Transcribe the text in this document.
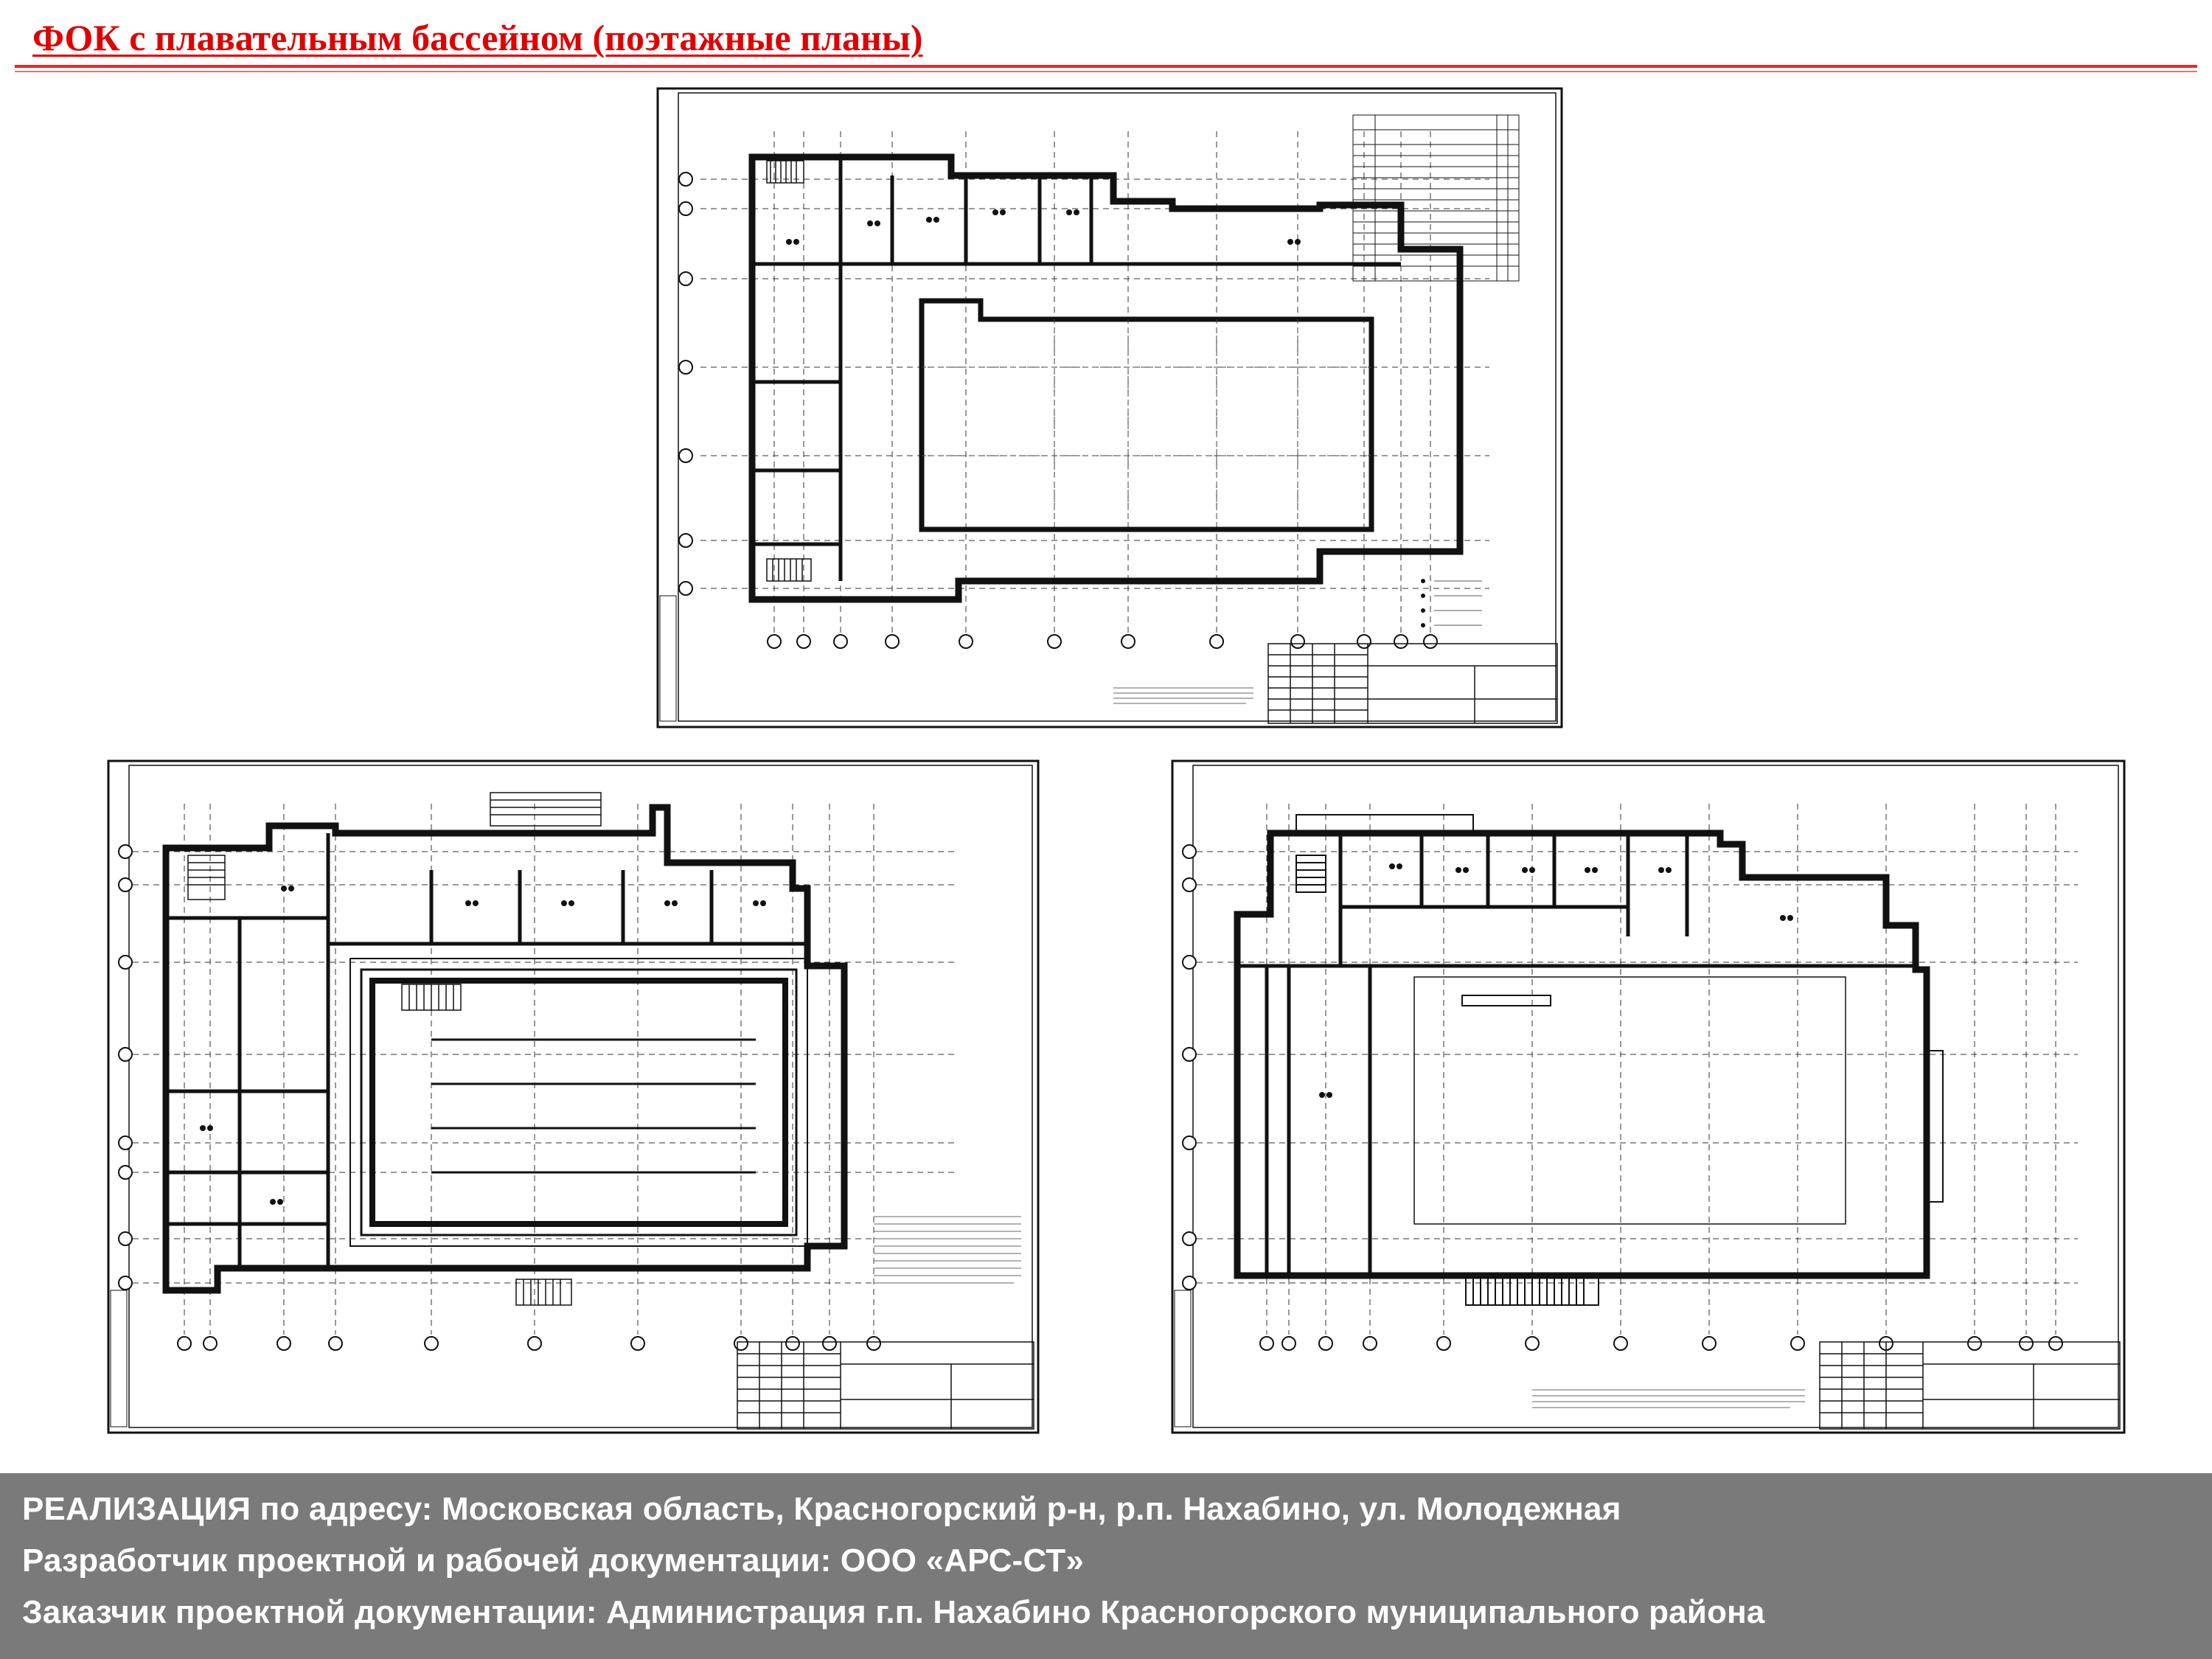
ФОК с плавательным бассейном (поэтажные планы)
РЕАЛИЗАЦИЯ по адресу: Московская область, Красногорский р-н, р.п. Нахабино, ул. Молодежная
Разработчик проектной и рабочей документации: ООО «АРС-СТ»
Заказчик проектной документации: Администрация г.п. Нахабино Красногорского муниципального района
